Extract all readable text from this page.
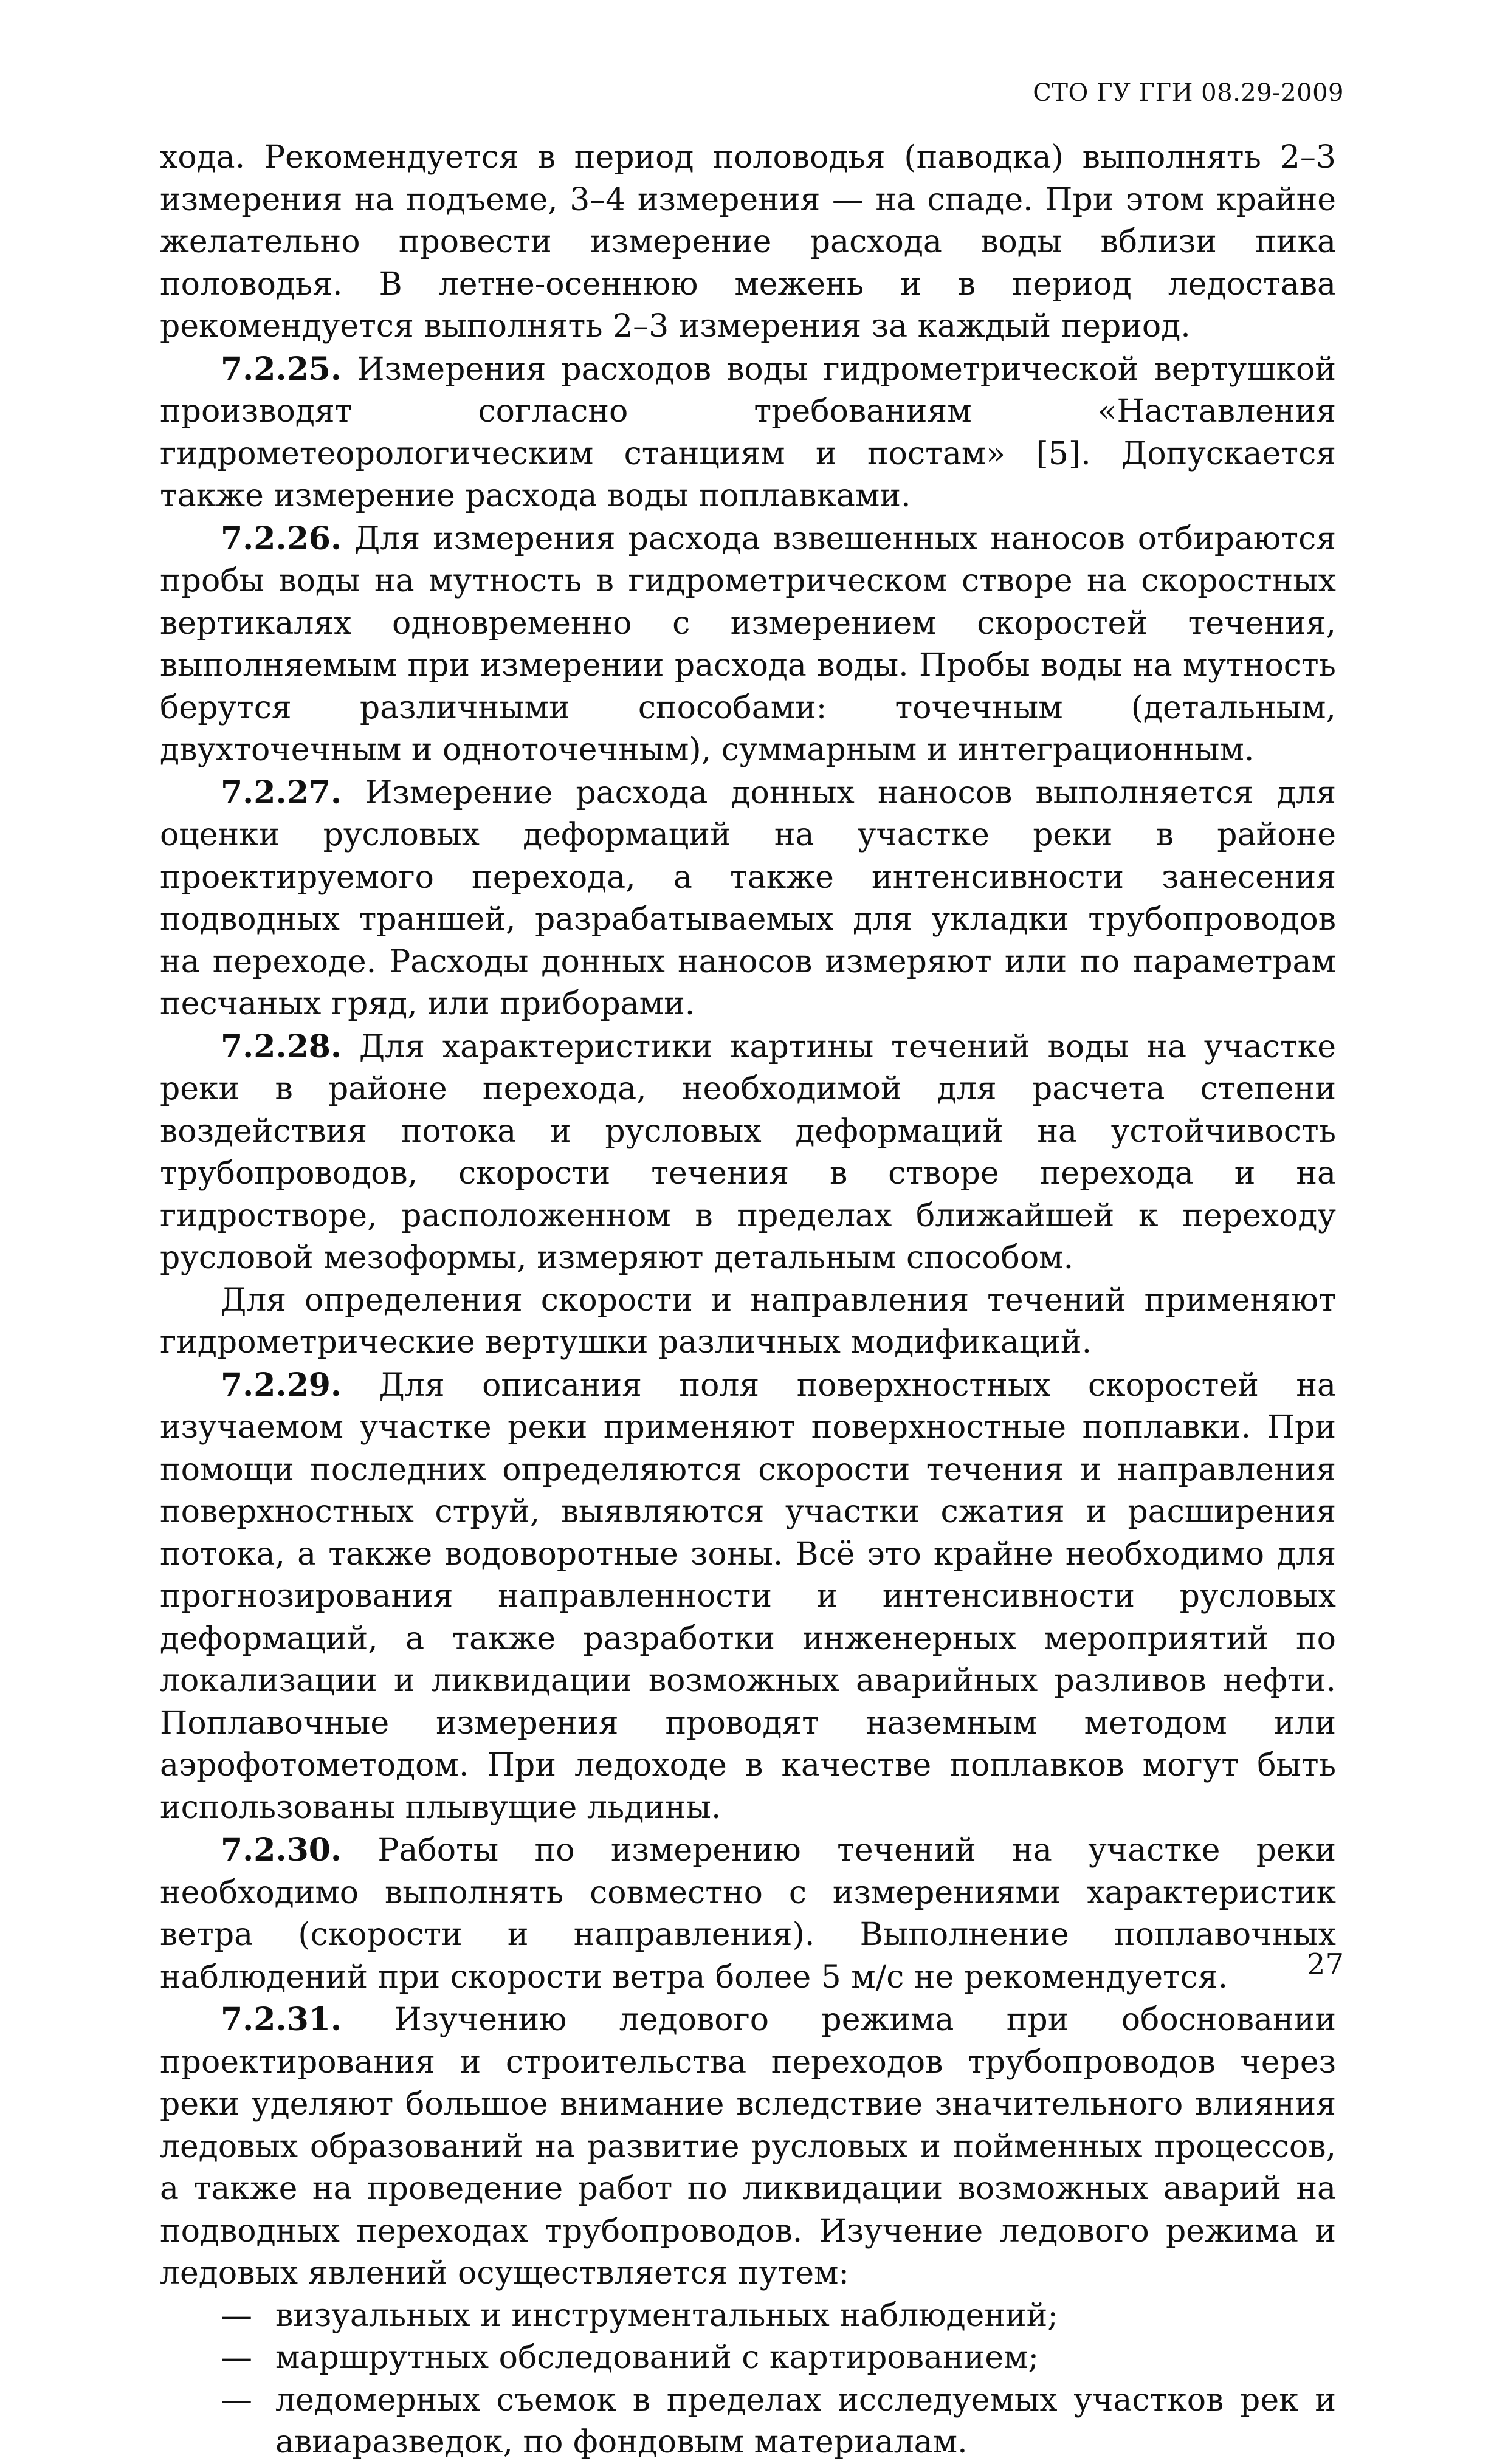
СТО ГУ ГГИ 08.29-2009

хода. Рекомендуется в период половодья (паводка) выполнять 2–3 измерения на подъеме, 3–4 измерения — на спаде. При этом крайне желательно провести измерение расхода воды вблизи пика половодья. В летне-осеннюю межень и в период ледостава рекомендуется выполнять 2–3 измерения за каждый период.

7.2.25. Измерения расходов воды гидрометрической вертушкой производят согласно требованиям «Наставления гидрометеорологическим станциям и постам» [5]. Допускается также измерение расхода воды поплавками.

7.2.26. Для измерения расхода взвешенных наносов отбираются пробы воды на мутность в гидрометрическом створе на скоростных вертикалях одновременно с измерением скоростей течения, выполняемым при измерении расхода воды. Пробы воды на мутность берутся различными способами: точечным (детальным, двухточечным и одноточечным), суммарным и интеграционным.

7.2.27. Измерение расхода донных наносов выполняется для оценки русловых деформаций на участке реки в районе проектируемого перехода, а также интенсивности занесения подводных траншей, разрабатываемых для укладки трубопроводов на переходе. Расходы донных наносов измеряют или по параметрам песчаных гряд, или приборами.

7.2.28. Для характеристики картины течений воды на участке реки в районе перехода, необходимой для расчета степени воздействия потока и русловых деформаций на устойчивость трубопроводов, скорости течения в створе перехода и на гидростворе, расположенном в пределах ближайшей к переходу русловой мезоформы, измеряют детальным способом.

Для определения скорости и направления течений применяют гидрометрические вертушки различных модификаций.

7.2.29. Для описания поля поверхностных скоростей на изучаемом участке реки применяют поверхностные поплавки. При помощи последних определяются скорости течения и направления поверхностных струй, выявляются участки сжатия и расширения потока, а также водоворотные зоны. Всё это крайне необходимо для прогнозирования направленности и интенсивности русловых деформаций, а также разработки инженерных мероприятий по локализации и ликвидации возможных аварийных разливов нефти. Поплавочные измерения проводят наземным методом или аэрофотометодом. При ледоходе в качестве поплавков могут быть использованы плывущие льдины.

7.2.30. Работы по измерению течений на участке реки необходимо выполнять совместно с измерениями характеристик ветра (скорости и направления). Выполнение поплавочных наблюдений при скорости ветра более 5 м/с не рекомендуется.

7.2.31. Изучению ледового режима при обосновании проектирования и строительства переходов трубопроводов через реки уделяют большое внимание вследствие значительного влияния ледовых образований на развитие русловых и пойменных процессов, а также на проведение работ по ликвидации возможных аварий на подводных переходах трубопроводов. Изучение ледового режима и ледовых явлений осуществляется путем:

— визуальных и инструментальных наблюдений;
— маршрутных обследований с картированием;
— ледомерных съемок в пределах исследуемых участков рек и авиаразведок, по фондовым материалам.
27
